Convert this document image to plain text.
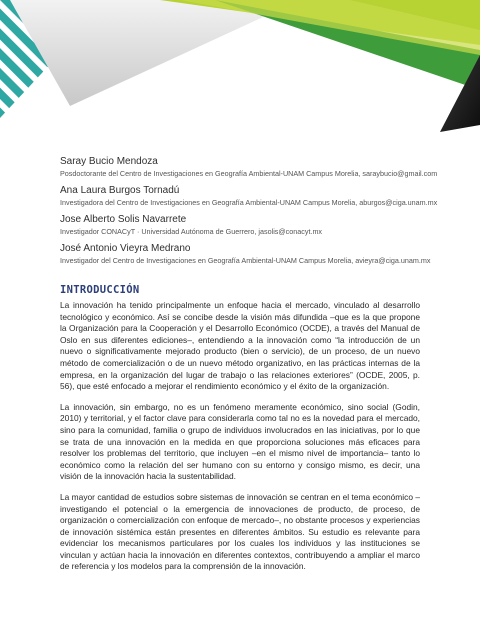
Saray Bucio Mendoza
Posdoctorante del Centro de Investigaciones en Geografía Ambiental-UNAM Campus Morelia, saraybucio@gmail.com
Ana Laura Burgos Tornadú
Investigadora del Centro de Investigaciones en Geografía Ambiental-UNAM Campus Morelia, aburgos@ciga.unam.mx
Jose Alberto Solis Navarrete
Investigador CONACyT · Universidad Autónoma de Guerrero, jasolis@conacyt.mx
José Antonio Vieyra Medrano
Investigador del Centro de Investigaciones en Geografía Ambiental-UNAM Campus Morelia, avieyra@ciga.unam.mx
INTRODUCCIÓN

La innovación ha tenido principalmente un enfoque hacia el mercado, vinculado al desarrollo tecnológico y económico. Así se concibe desde la visión más difundida –que es la que propone la Organización para la Cooperación y el Desarrollo Económico (OCDE), a través del Manual de Oslo en sus diferentes ediciones–, entendiendo a la innovación como “la introducción de un nuevo o significativamente mejorado producto (bien o servicio), de un proceso, de un nuevo método de comercialización o de un nuevo método organizativo, en las prácticas internas de la empresa, en la organización del lugar de trabajo o las relaciones exteriores” (OCDE, 2005, p. 56), que esté enfocado a mejorar el rendimiento económico y el éxito de la organización.

La innovación, sin embargo, no es un fenómeno meramente económico, sino social (Godin, 2010) y territorial, y el factor clave para considerarla como tal no es la novedad para el mercado, sino para la comunidad, familia o grupo de individuos involucrados en las iniciativas, por lo que se trata de una innovación en la medida en que proporciona soluciones más eficaces para resolver los problemas del territorio, que incluyen –en el mismo nivel de importancia– tanto lo económico como la relación del ser humano con su entorno y consigo mismo, es decir, una visión de la innovación hacia la sustentabilidad.

La mayor cantidad de estudios sobre sistemas de innovación se centran en el tema económico –investigando el potencial o la emergencia de innovaciones de producto, de proceso, de organización o comercialización con enfoque de mercado–, no obstante procesos y experiencias de innovación sistémica están presentes en diferentes ámbitos. Su estudio es relevante para evidenciar los mecanismos particulares por los cuales los individuos y las instituciones se vinculan y actúan hacia la innovación en diferentes contextos, contribuyendo a ampliar el marco de referencia y los modelos para la comprensión de la innovación.
